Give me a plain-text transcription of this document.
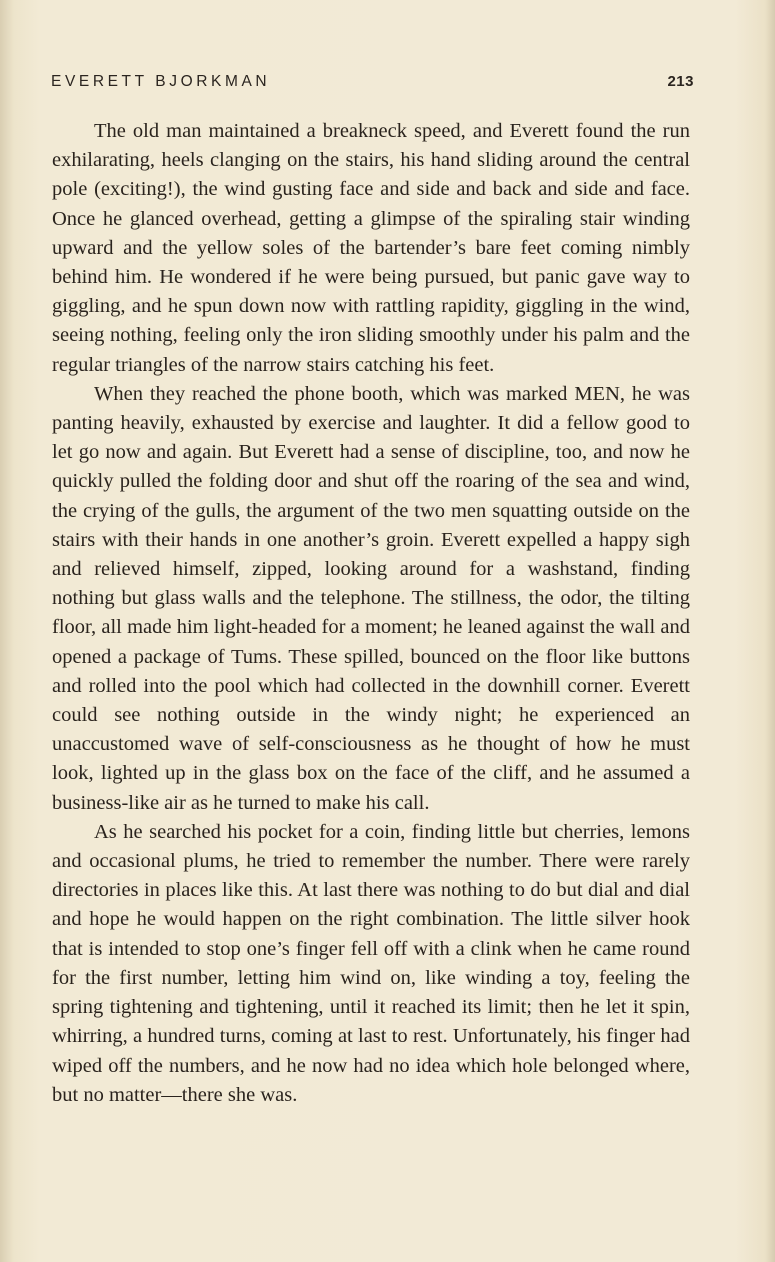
EVERETT BJORKMAN	213

The old man maintained a breakneck speed, and Everett found the run exhilarating, heels clanging on the stairs, his hand sliding around the central pole (exciting!), the wind gusting face and side and back and side and face. Once he glanced overhead, getting a glimpse of the spiraling stair winding upward and the yellow soles of the bartender’s bare feet coming nimbly behind him. He wondered if he were being pursued, but panic gave way to giggling, and he spun down now with rattling rapidity, giggling in the wind, seeing nothing, feeling only the iron sliding smoothly under his palm and the regular triangles of the narrow stairs catching his feet.

When they reached the phone booth, which was marked MEN, he was panting heavily, exhausted by exercise and laughter. It did a fellow good to let go now and again. But Everett had a sense of discipline, too, and now he quickly pulled the folding door and shut off the roaring of the sea and wind, the crying of the gulls, the argument of the two men squatting outside on the stairs with their hands in one another’s groin. Everett expelled a happy sigh and relieved himself, zipped, looking around for a washstand, finding nothing but glass walls and the telephone. The stillness, the odor, the tilting floor, all made him light-headed for a moment; he leaned against the wall and opened a package of Tums. These spilled, bounced on the floor like buttons and rolled into the pool which had collected in the downhill corner. Everett could see nothing outside in the windy night; he experienced an unaccustomed wave of self-consciousness as he thought of how he must look, lighted up in the glass box on the face of the cliff, and he assumed a business-like air as he turned to make his call.

As he searched his pocket for a coin, finding little but cherries, lemons and occasional plums, he tried to remember the number. There were rarely directories in places like this. At last there was nothing to do but dial and dial and hope he would happen on the right combination. The little silver hook that is intended to stop one’s finger fell off with a clink when he came round for the first number, letting him wind on, like winding a toy, feeling the spring tightening and tightening, until it reached its limit; then he let it spin, whirring, a hundred turns, coming at last to rest. Unfortunately, his finger had wiped off the numbers, and he now had no idea which hole belonged where, but no matter—there she was.
